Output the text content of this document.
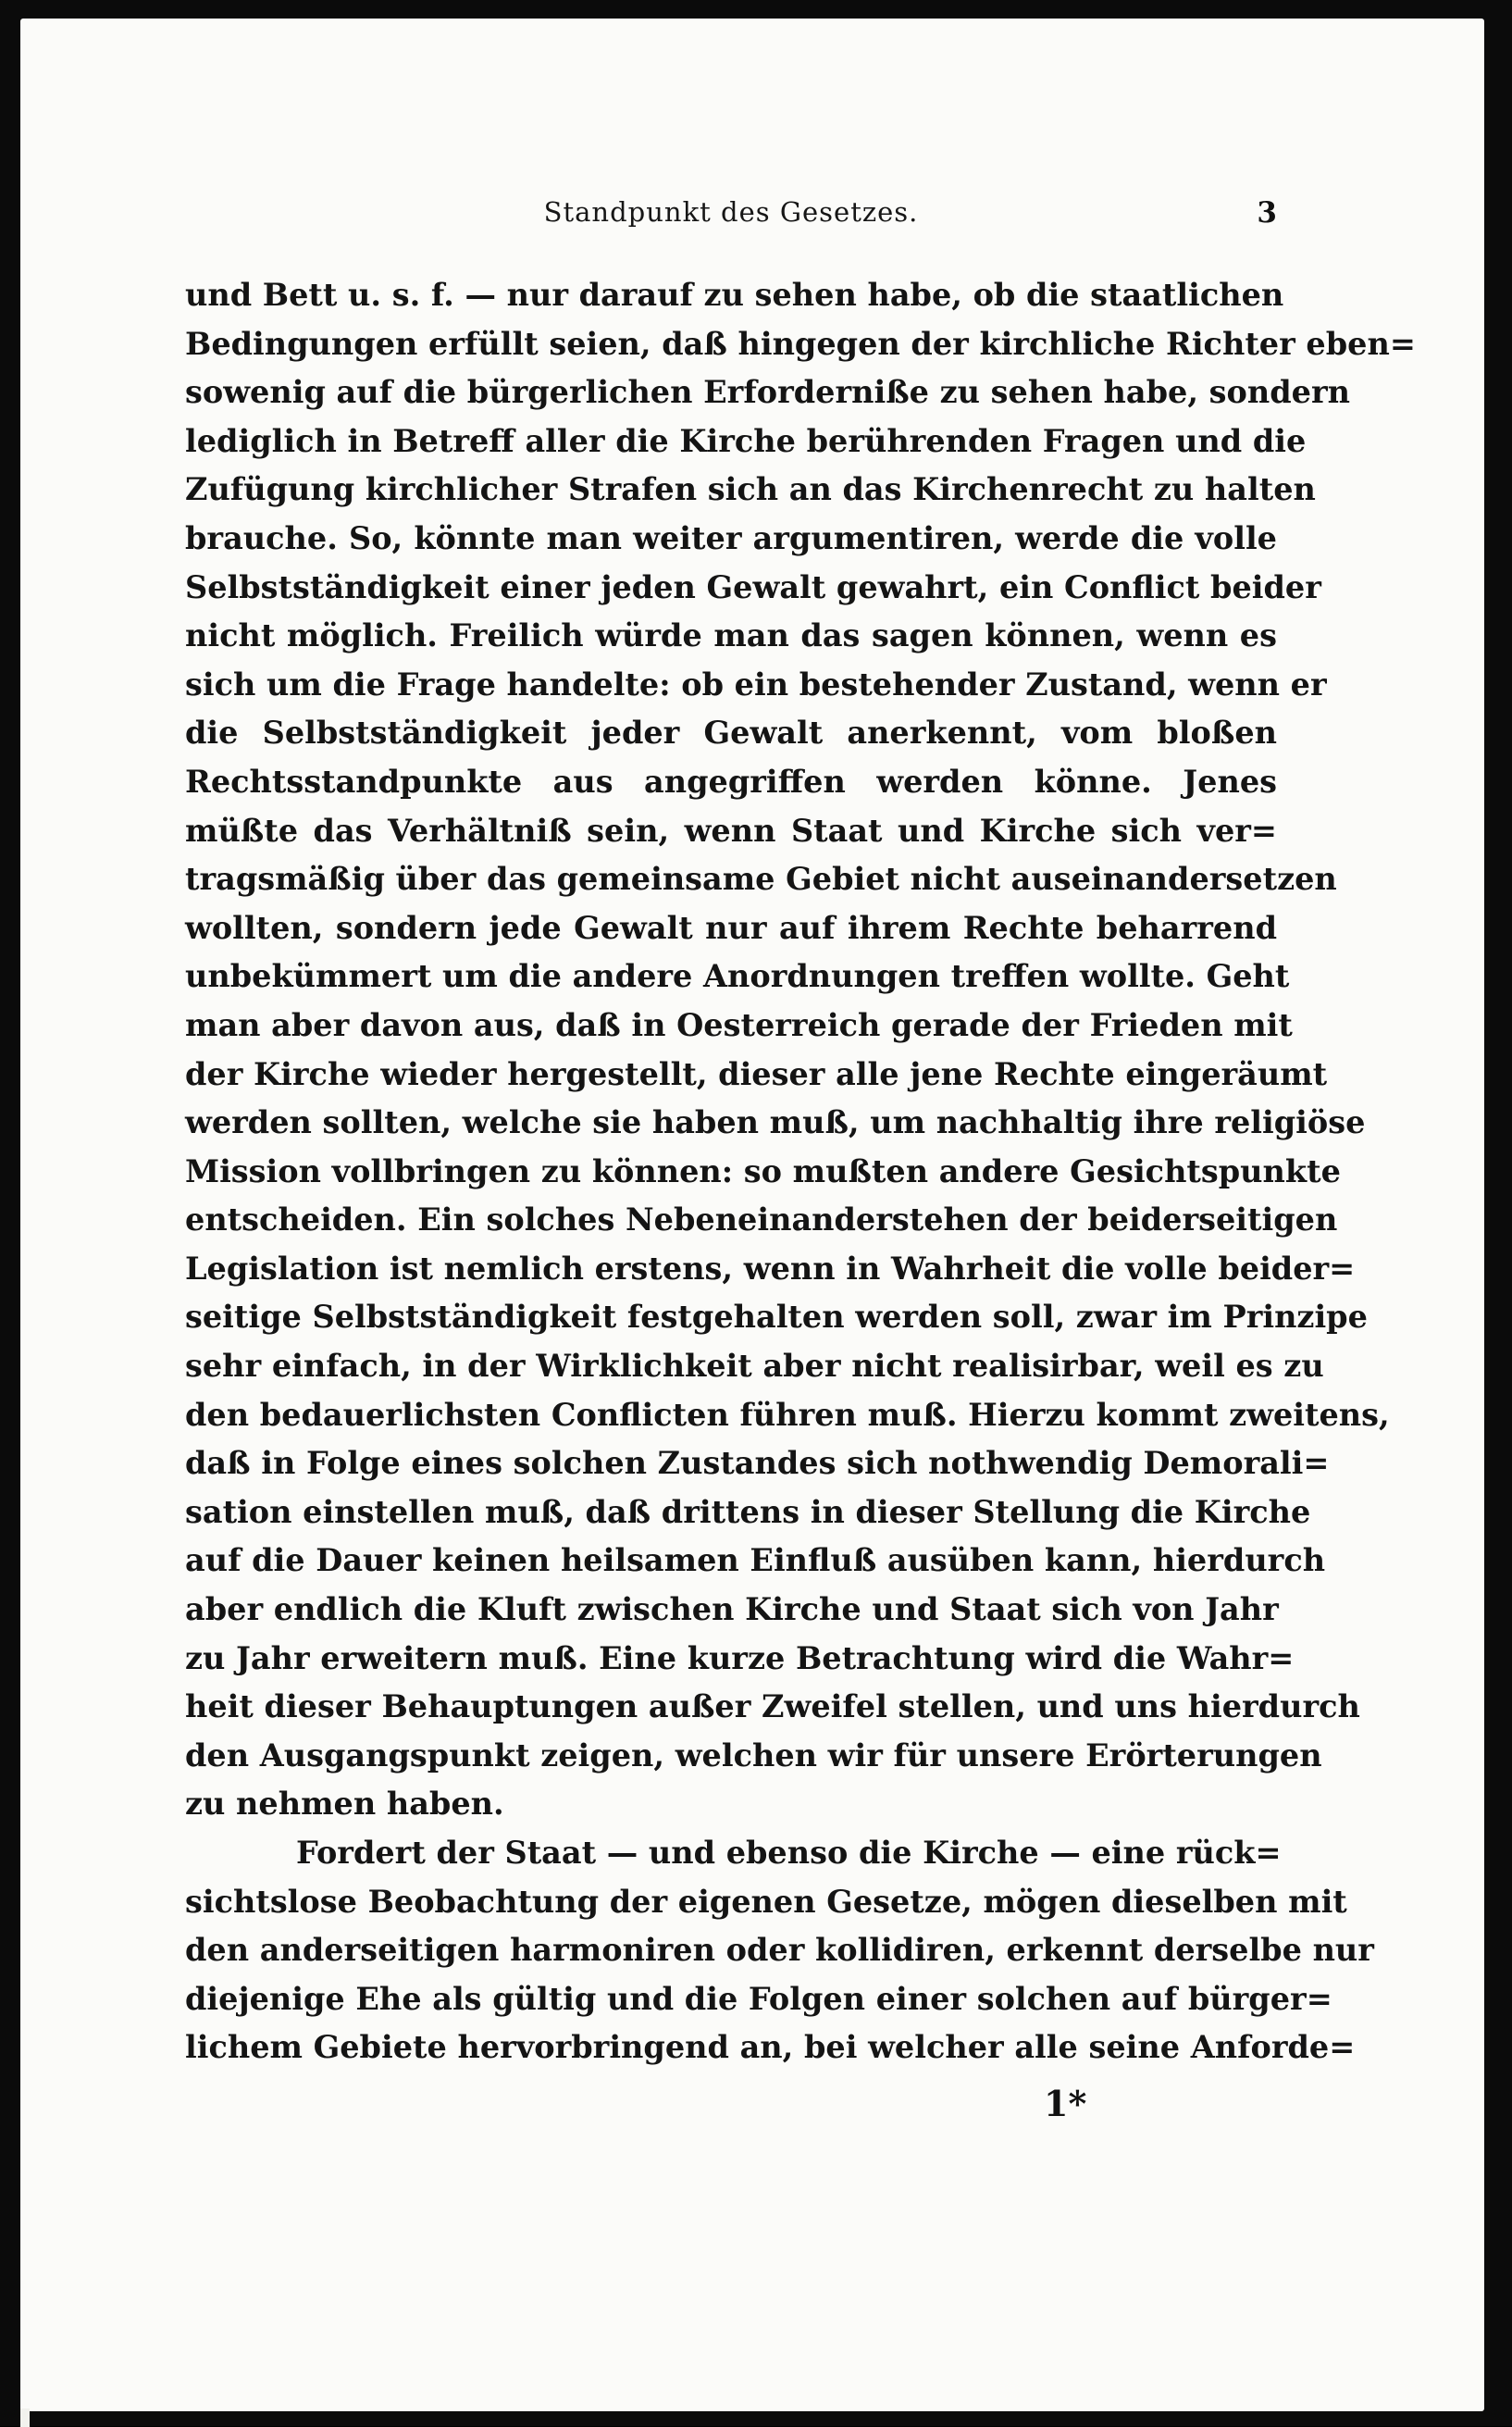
Standpunkt des Gesetzes.	3
und Bett u. s. f. — nur darauf zu sehen habe, ob die staatlichen
Bedingungen erfüllt seien, daß hingegen der kirchliche Richter eben=
sowenig auf die bürgerlichen Erforderniße zu sehen habe, sondern
lediglich in Betreff aller die Kirche berührenden Fragen und die
Zufügung kirchlicher Strafen sich an das Kirchenrecht zu halten
brauche. So, könnte man weiter argumentiren, werde die volle
Selbstständigkeit einer jeden Gewalt gewahrt, ein Conflict beider
nicht möglich. Freilich würde man das sagen können, wenn es
sich um die Frage handelte: ob ein bestehender Zustand, wenn er
die Selbstständigkeit jeder Gewalt anerkennt, vom bloßen
Rechtsstandpunkte aus angegriffen werden könne. Jenes
müßte das Verhältniß sein, wenn Staat und Kirche sich ver=
tragsmäßig über das gemeinsame Gebiet nicht auseinandersetzen
wollten, sondern jede Gewalt nur auf ihrem Rechte beharrend
unbekümmert um die andere Anordnungen treffen wollte. Geht
man aber davon aus, daß in Oesterreich gerade der Frieden mit
der Kirche wieder hergestellt, dieser alle jene Rechte eingeräumt
werden sollten, welche sie haben muß, um nachhaltig ihre religiöse
Mission vollbringen zu können: so mußten andere Gesichtspunkte
entscheiden. Ein solches Nebeneinanderstehen der beiderseitigen
Legislation ist nemlich erstens, wenn in Wahrheit die volle beider=
seitige Selbstständigkeit festgehalten werden soll, zwar im Prinzipe
sehr einfach, in der Wirklichkeit aber nicht realisirbar, weil es zu
den bedauerlichsten Conflicten führen muß. Hierzu kommt zweitens,
daß in Folge eines solchen Zustandes sich nothwendig Demorali=
sation einstellen muß, daß drittens in dieser Stellung die Kirche
auf die Dauer keinen heilsamen Einfluß ausüben kann, hierdurch
aber endlich die Kluft zwischen Kirche und Staat sich von Jahr
zu Jahr erweitern muß. Eine kurze Betrachtung wird die Wahr=
heit dieser Behauptungen außer Zweifel stellen, und uns hierdurch
den Ausgangspunkt zeigen, welchen wir für unsere Erörterungen
zu nehmen haben.
Fordert der Staat — und ebenso die Kirche — eine rück=
sichtslose Beobachtung der eigenen Gesetze, mögen dieselben mit
den anderseitigen harmoniren oder kollidiren, erkennt derselbe nur
diejenige Ehe als gültig und die Folgen einer solchen auf bürger=
lichem Gebiete hervorbringend an, bei welcher alle seine Anforde=
1*
